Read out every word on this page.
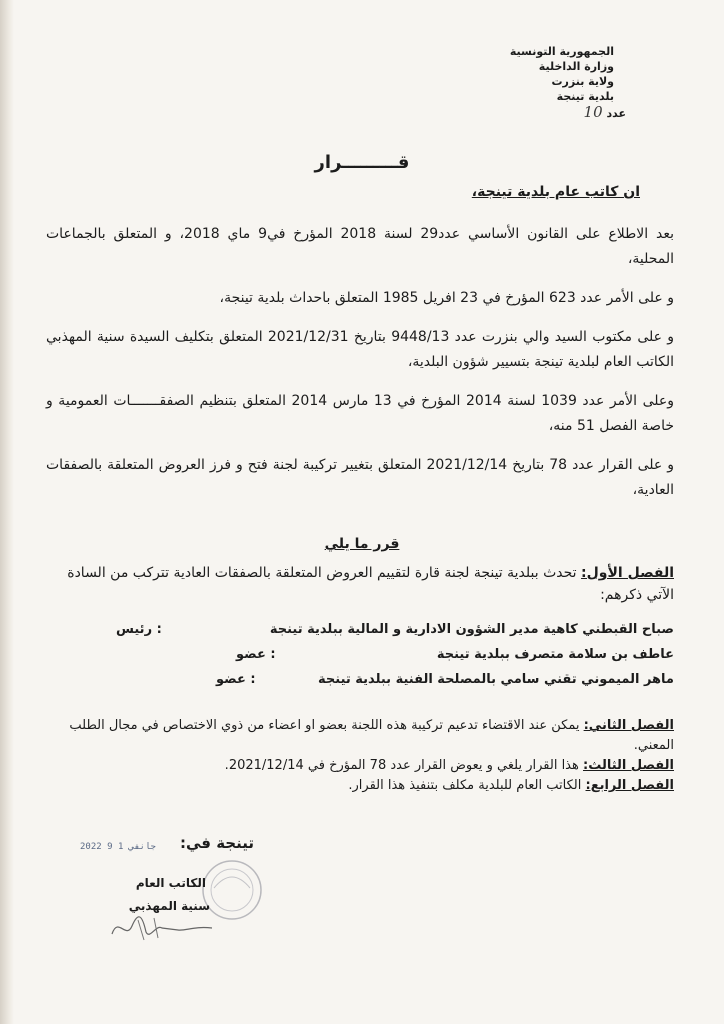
الجمهورية التونسية
وزارة الداخلية
ولاية بنزرت
بلدية تينجة
عدد 10
قـــــــــرار
ان كاتب عام بلدية تينجة،

بعد الاطلاع على القانون الأساسي عدد29 لسنة 2018 المؤرخ في9 ماي 2018، و المتعلق بالجماعات المحلية،

و على الأمر عدد 623 المؤرخ في 23 افريل 1985 المتعلق باحداث بلدية تينجة،

و على مكتوب السيد والي بنزرت عدد 9448/13 بتاريخ 2021/12/31 المتعلق بتكليف السيدة سنية المهذبي الكاتب العام لبلدية تينجة بتسيير شؤون البلدية،

وعلى الأمر عدد 1039 لسنة 2014 المؤرخ في 13 مارس 2014 المتعلق بتنظيم الصفقـــــــات العمومية و خاصة الفصل 51 منه،

و على القرار عدد 78 بتاريخ 2021/12/14 المتعلق بتغيير تركيبة لجنة فتح و فرز العروض المتعلقة بالصفقات العادية،

قرر ما يلي
الفصل الأول: تحدث ببلدية تينجة لجنة قارة لتقييم العروض المتعلقة بالصفقات العادية تتركب من السادة الآتي ذكرهم:
صباح القبطني كاهية مدير الشؤون الادارية و المالية ببلدية تينجة
: رئيس
عاطف بن سلامة متصرف ببلدية تينجة
: عضو
ماهر الميموني تقني سامي بالمصلحة الفنية ببلدية تينجة
: عضو

الفصل الثاني: يمكن عند الاقتضاء تدعيم تركيبة هذه اللجنة بعضو او اعضاء من ذوي الاختصاص في مجال الطلب المعني.

الفصل الثالث: هذا القرار يلغي و يعوض القرار عدد 78 المؤرخ في 2021/12/14.

الفصل الرابع: الكاتب العام للبلدية مكلف بتنفيذ هذا القرار.

تينجة في:
2022 جانفي 1 9
الكاتب العام
سنية المهذبي
